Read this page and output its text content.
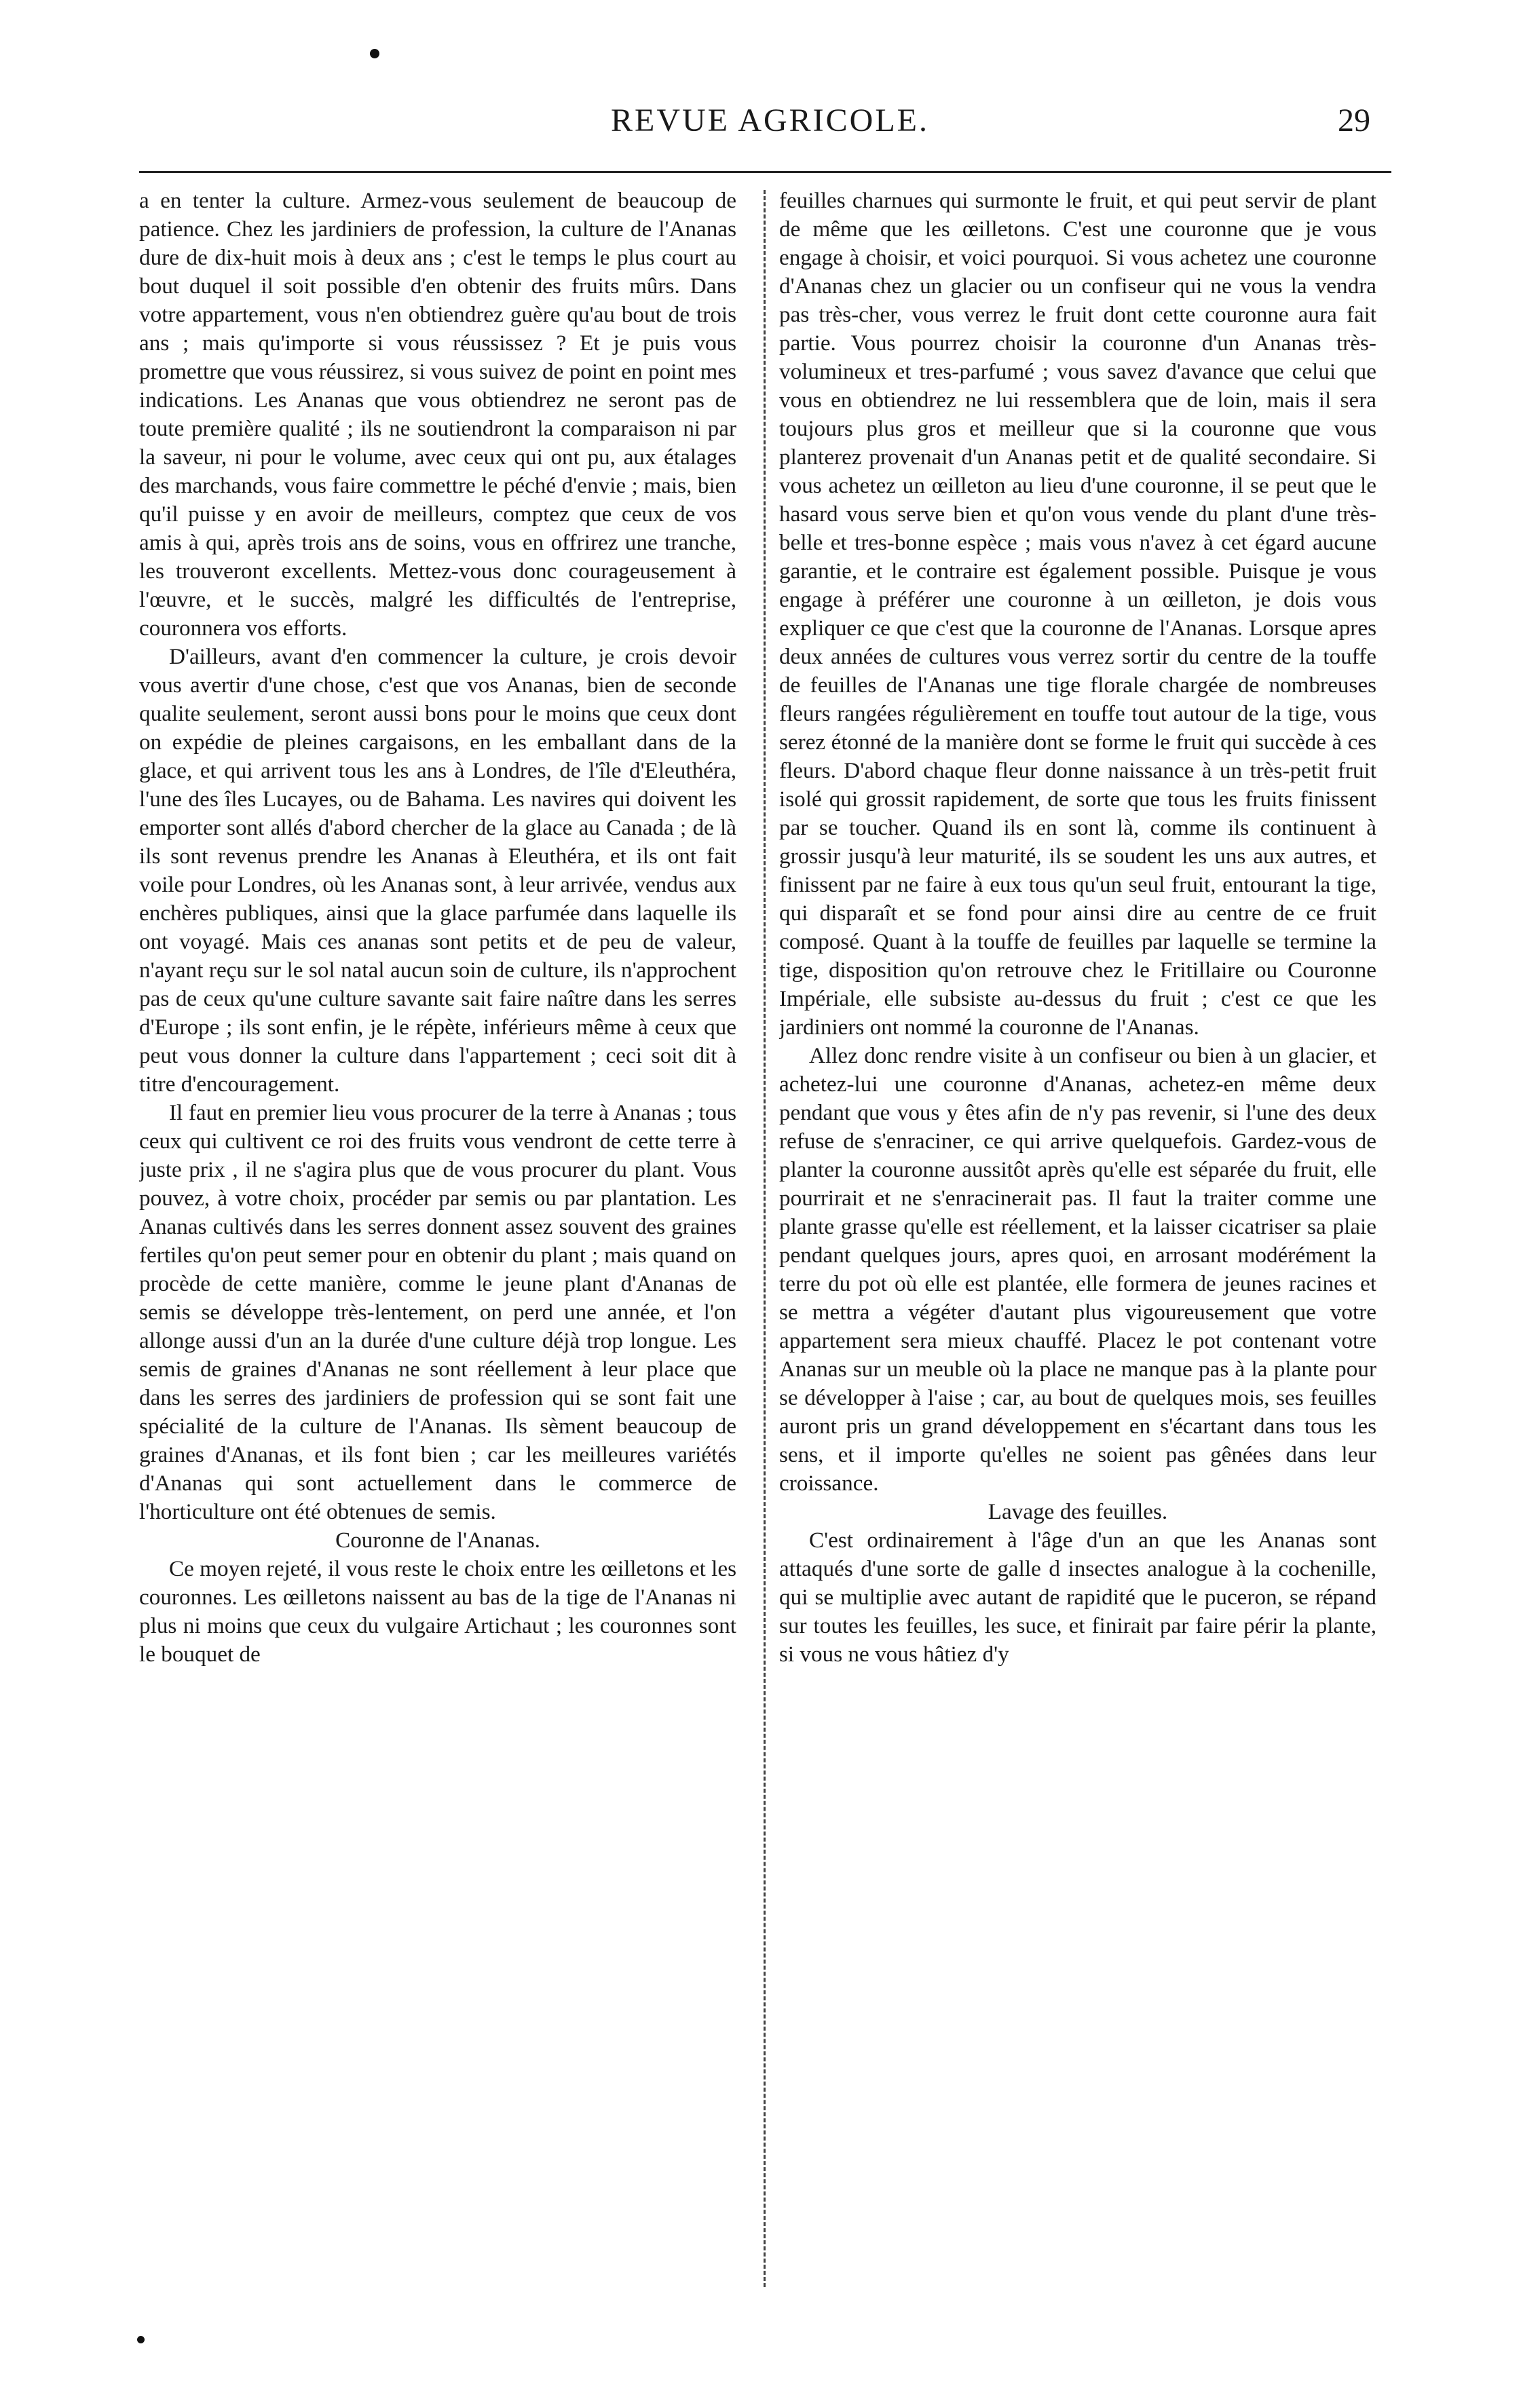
REVUE AGRICOLE.	29

a en tenter la culture. Armez-vous seulement de beaucoup de patience. Chez les jardiniers de profession, la culture de l'Ananas dure de dix-huit mois à deux ans ; c'est le temps le plus court au bout duquel il soit possible d'en obtenir des fruits mûrs. Dans votre appartement, vous n'en obtiendrez guère qu'au bout de trois ans ; mais qu'importe si vous réussissez ? Et je puis vous promettre que vous réussirez, si vous suivez de point en point mes indications. Les Ananas que vous obtiendrez ne seront pas de toute première qualité ; ils ne soutiendront la comparaison ni par la saveur, ni pour le volume, avec ceux qui ont pu, aux étalages des marchands, vous faire commettre le péché d'envie ; mais, bien qu'il puisse y en avoir de meilleurs, comptez que ceux de vos amis à qui, après trois ans de soins, vous en offrirez une tranche, les trouveront excellents. Mettez-vous donc courageusement à l'œuvre, et le succès, malgré les difficultés de l'entreprise, couronnera vos efforts.

D'ailleurs, avant d'en commencer la culture, je crois devoir vous avertir d'une chose, c'est que vos Ananas, bien de seconde qualite seulement, seront aussi bons pour le moins que ceux dont on expédie de pleines cargaisons, en les emballant dans de la glace, et qui arrivent tous les ans à Londres, de l'île d'Eleuthéra, l'une des îles Lucayes, ou de Bahama. Les navires qui doivent les emporter sont allés d'abord chercher de la glace au Canada ; de là ils sont revenus prendre les Ananas à Eleuthéra, et ils ont fait voile pour Londres, où les Ananas sont, à leur arrivée, vendus aux enchères publiques, ainsi que la glace parfumée dans laquelle ils ont voyagé. Mais ces ananas sont petits et de peu de valeur, n'ayant reçu sur le sol natal aucun soin de culture, ils n'approchent pas de ceux qu'une culture savante sait faire naître dans les serres d'Europe ; ils sont enfin, je le répète, inférieurs même à ceux que peut vous donner la culture dans l'appartement ; ceci soit dit à titre d'encouragement.

Il faut en premier lieu vous procurer de la terre à Ananas ; tous ceux qui cultivent ce roi des fruits vous vendront de cette terre à juste prix , il ne s'agira plus que de vous procurer du plant. Vous pouvez, à votre choix, procéder par semis ou par plantation. Les Ananas cultivés dans les serres donnent assez souvent des graines fertiles qu'on peut semer pour en obtenir du plant ; mais quand on procède de cette manière, comme le jeune plant d'Ananas de semis se développe très-lentement, on perd une année, et l'on allonge aussi d'un an la durée d'une culture déjà trop longue. Les semis de graines d'Ananas ne sont réellement à leur place que dans les serres des jardiniers de profession qui se sont fait une spécialité de la culture de l'Ananas. Ils sèment beaucoup de graines d'Ananas, et ils font bien ; car les meilleures variétés d'Ananas qui sont actuellement dans le commerce de l'horticulture ont été obtenues de semis.

Couronne de l'Ananas.

Ce moyen rejeté, il vous reste le choix entre les œilletons et les couronnes. Les œilletons naissent au bas de la tige de l'Ananas ni plus ni moins que ceux du vulgaire Artichaut ; les couronnes sont le bouquet de

feuilles charnues qui surmonte le fruit, et qui peut servir de plant de même que les œilletons. C'est une couronne que je vous engage à choisir, et voici pourquoi. Si vous achetez une couronne d'Ananas chez un glacier ou un confiseur qui ne vous la vendra pas très-cher, vous verrez le fruit dont cette couronne aura fait partie. Vous pourrez choisir la couronne d'un Ananas très-volumineux et tres-parfumé ; vous savez d'avance que celui que vous en obtiendrez ne lui ressemblera que de loin, mais il sera toujours plus gros et meilleur que si la couronne que vous planterez provenait d'un Ananas petit et de qualité secondaire. Si vous achetez un œilleton au lieu d'une couronne, il se peut que le hasard vous serve bien et qu'on vous vende du plant d'une très-belle et tres-bonne espèce ; mais vous n'avez à cet égard aucune garantie, et le contraire est également possible. Puisque je vous engage à préférer une couronne à un œilleton, je dois vous expliquer ce que c'est que la couronne de l'Ananas. Lorsque apres deux années de cultures vous verrez sortir du centre de la touffe de feuilles de l'Ananas une tige florale chargée de nombreuses fleurs rangées régulièrement en touffe tout autour de la tige, vous serez étonné de la manière dont se forme le fruit qui succède à ces fleurs. D'abord chaque fleur donne naissance à un très-petit fruit isolé qui grossit rapidement, de sorte que tous les fruits finissent par se toucher. Quand ils en sont là, comme ils continuent à grossir jusqu'à leur maturité, ils se soudent les uns aux autres, et finissent par ne faire à eux tous qu'un seul fruit, entourant la tige, qui disparaît et se fond pour ainsi dire au centre de ce fruit composé. Quant à la touffe de feuilles par laquelle se termine la tige, disposition qu'on retrouve chez le Fritillaire ou Couronne Impériale, elle subsiste au-dessus du fruit ; c'est ce que les jardiniers ont nommé la couronne de l'Ananas.

Allez donc rendre visite à un confiseur ou bien à un glacier, et achetez-lui une couronne d'Ananas, achetez-en même deux pendant que vous y êtes afin de n'y pas revenir, si l'une des deux refuse de s'enraciner, ce qui arrive quelquefois. Gardez-vous de planter la couronne aussitôt après qu'elle est séparée du fruit, elle pourrirait et ne s'enracinerait pas. Il faut la traiter comme une plante grasse qu'elle est réellement, et la laisser cicatriser sa plaie pendant quelques jours, apres quoi, en arrosant modérément la terre du pot où elle est plantée, elle formera de jeunes racines et se mettra a végéter d'autant plus vigoureusement que votre appartement sera mieux chauffé. Placez le pot contenant votre Ananas sur un meuble où la place ne manque pas à la plante pour se développer à l'aise ; car, au bout de quelques mois, ses feuilles auront pris un grand développement en s'écartant dans tous les sens, et il importe qu'elles ne soient pas gênées dans leur croissance.

Lavage des feuilles.

C'est ordinairement à l'âge d'un an que les Ananas sont attaqués d'une sorte de galle d insectes analogue à la cochenille, qui se multiplie avec autant de rapidité que le puceron, se répand sur toutes les feuilles, les suce, et finirait par faire périr la plante, si vous ne vous hâtiez d'y
